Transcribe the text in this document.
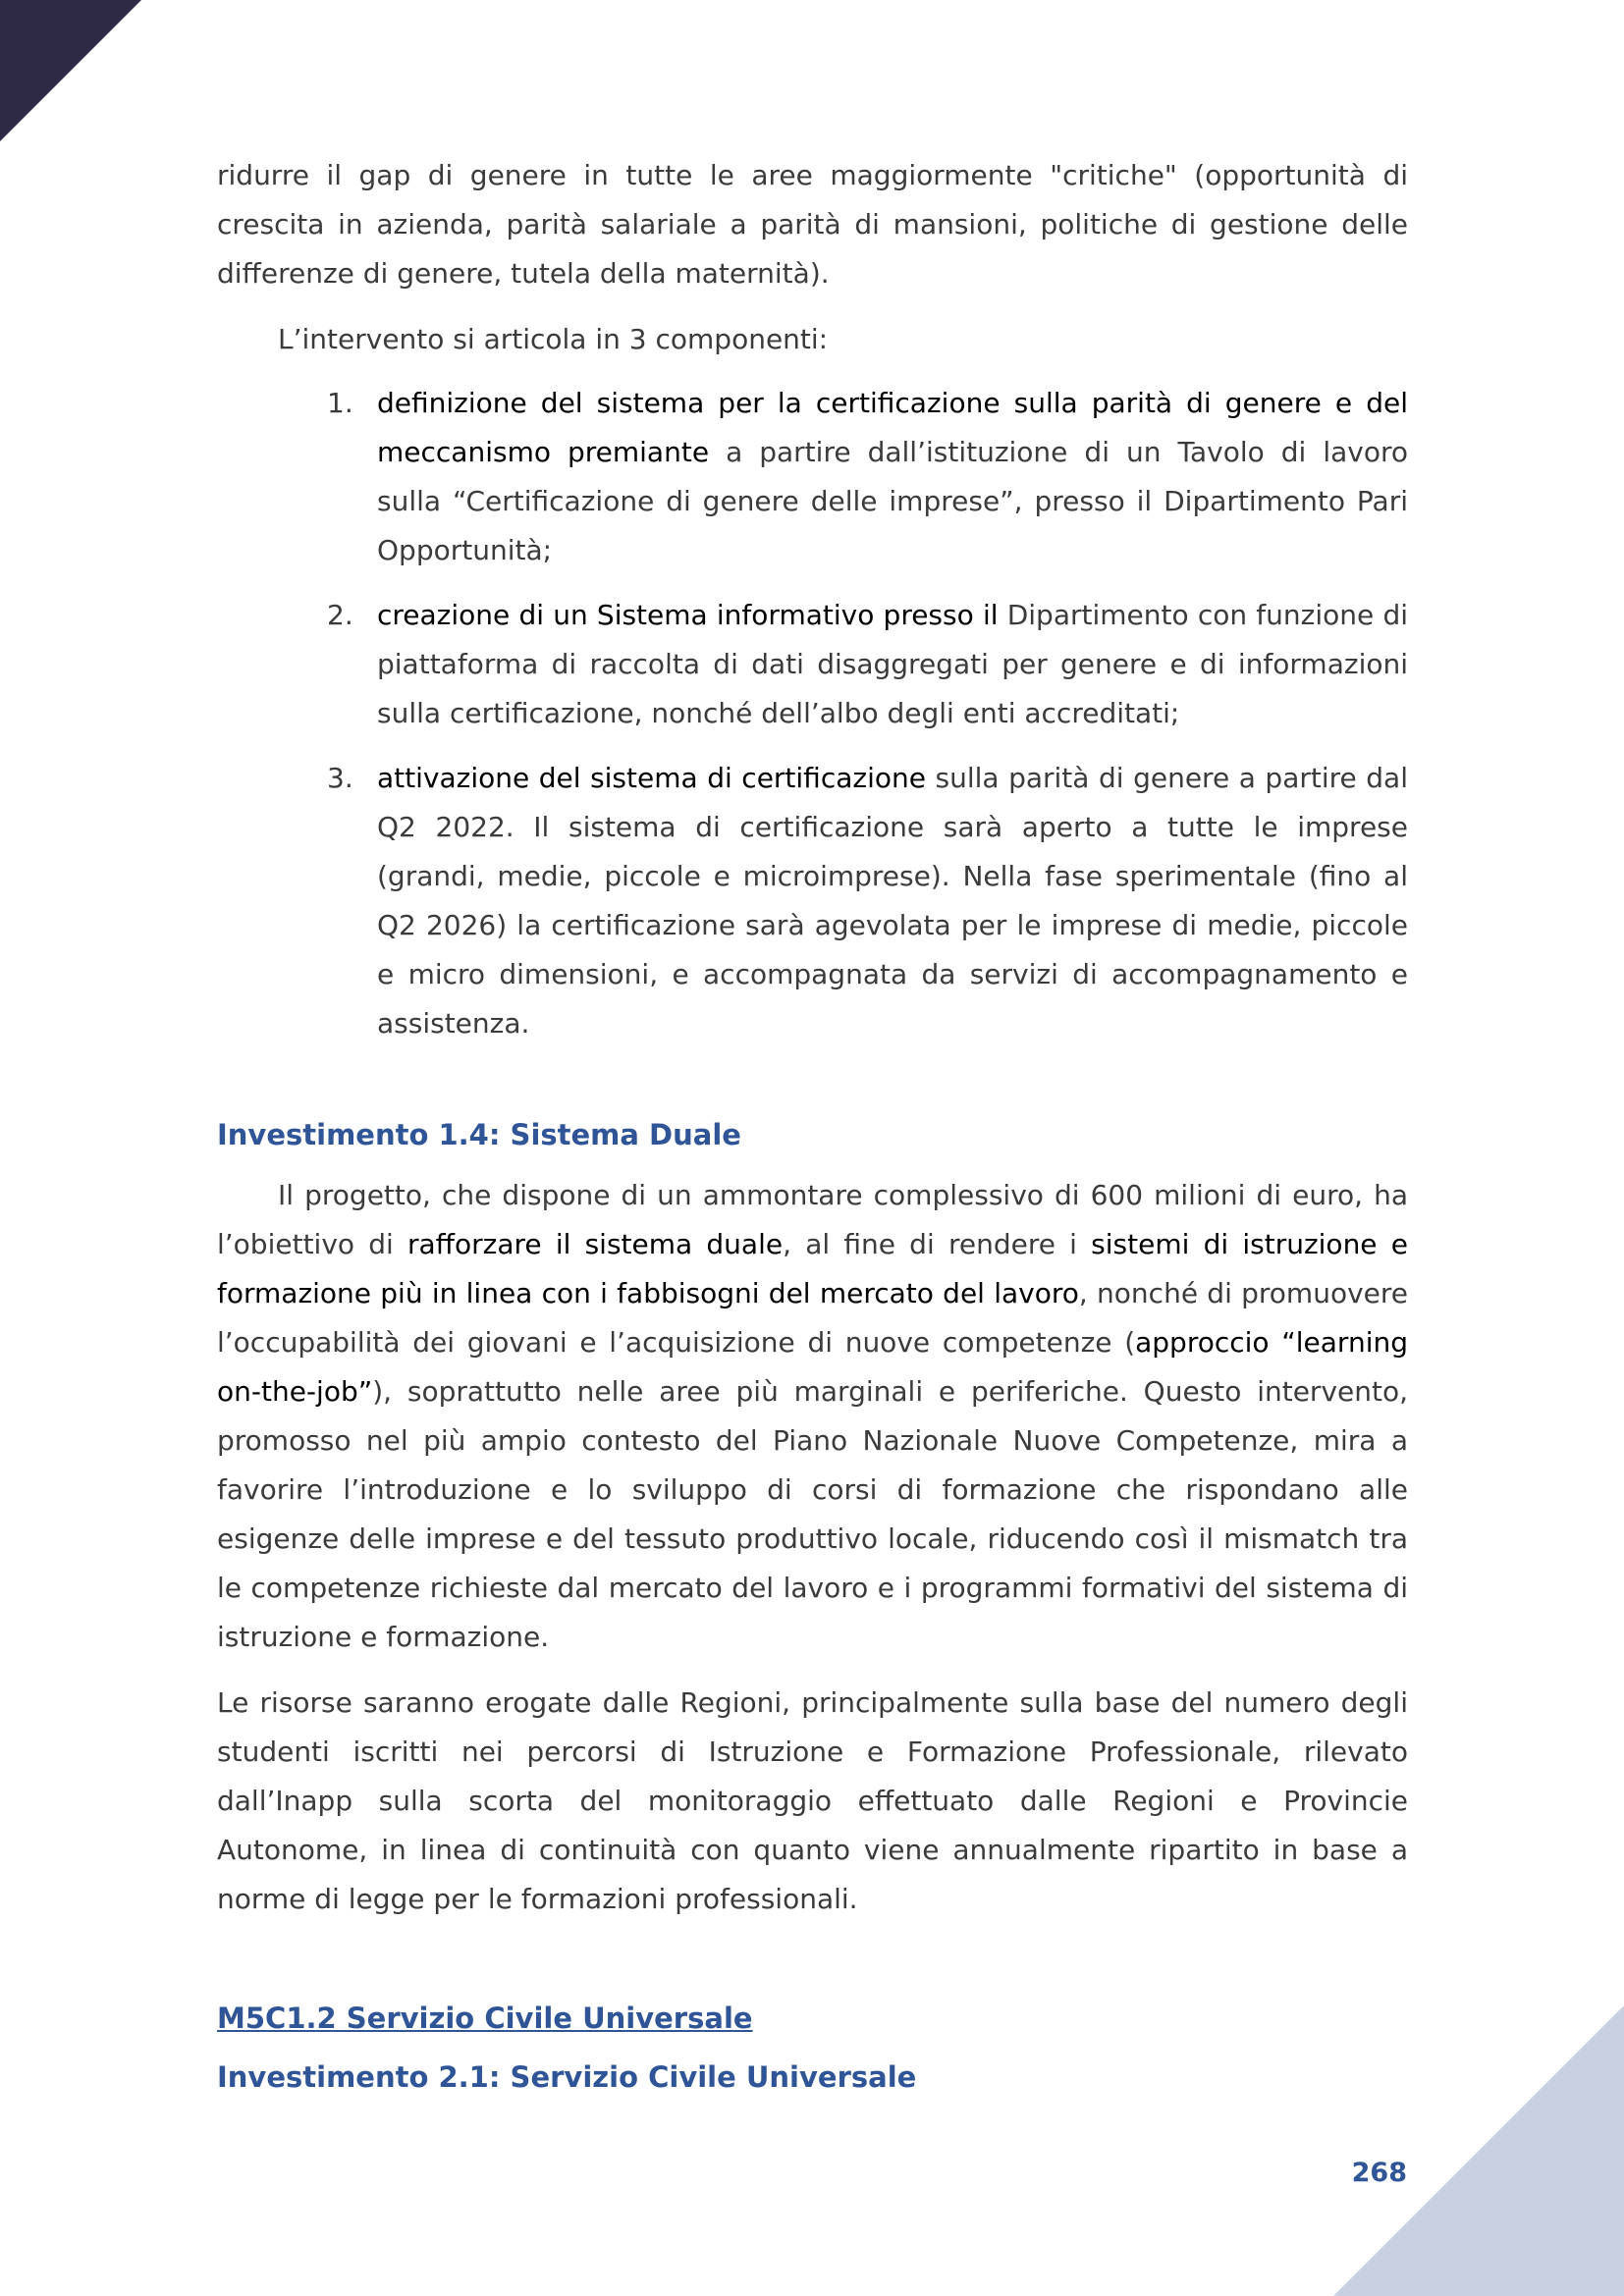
ridurre il gap di genere in tutte le aree maggiormente "critiche" (opportunità di crescita in azienda, parità salariale a parità di mansioni, politiche di gestione delle differenze di genere, tutela della maternità).

L’intervento si articola in 3 componenti:

1. definizione del sistema per la certificazione sulla parità di genere e del meccanismo premiante a partire dall’istituzione di un Tavolo di lavoro sulla “Certificazione di genere delle imprese”, presso il Dipartimento Pari Opportunità;

2. creazione di un Sistema informativo presso il Dipartimento con funzione di piattaforma di raccolta di dati disaggregati per genere e di informazioni sulla certificazione, nonché dell’albo degli enti accreditati;

3. attivazione del sistema di certificazione sulla parità di genere a partire dal Q2 2022. Il sistema di certificazione sarà aperto a tutte le imprese (grandi, medie, piccole e microimprese). Nella fase sperimentale (fino al Q2 2026) la certificazione sarà agevolata per le imprese di medie, piccole e micro dimensioni, e accompagnata da servizi di accompagnamento e assistenza.

Investimento 1.4: Sistema Duale

Il progetto, che dispone di un ammontare complessivo di 600 milioni di euro, ha l’obiettivo di rafforzare il sistema duale, al fine di rendere i sistemi di istruzione e formazione più in linea con i fabbisogni del mercato del lavoro, nonché di promuovere l’occupabilità dei giovani e l’acquisizione di nuove competenze (approccio “learning on-the-job”), soprattutto nelle aree più marginali e periferiche. Questo intervento, promosso nel più ampio contesto del Piano Nazionale Nuove Competenze, mira a favorire l’introduzione e lo sviluppo di corsi di formazione che rispondano alle esigenze delle imprese e del tessuto produttivo locale, riducendo così il mismatch tra le competenze richieste dal mercato del lavoro e i programmi formativi del sistema di istruzione e formazione.

Le risorse saranno erogate dalle Regioni, principalmente sulla base del numero degli studenti iscritti nei percorsi di Istruzione e Formazione Professionale, rilevato dall’Inapp sulla scorta del monitoraggio effettuato dalle Regioni e Provincie Autonome, in linea di continuità con quanto viene annualmente ripartito in base a norme di legge per le formazioni professionali.

M5C1.2 Servizio Civile Universale
Investimento 2.1: Servizio Civile Universale
268
